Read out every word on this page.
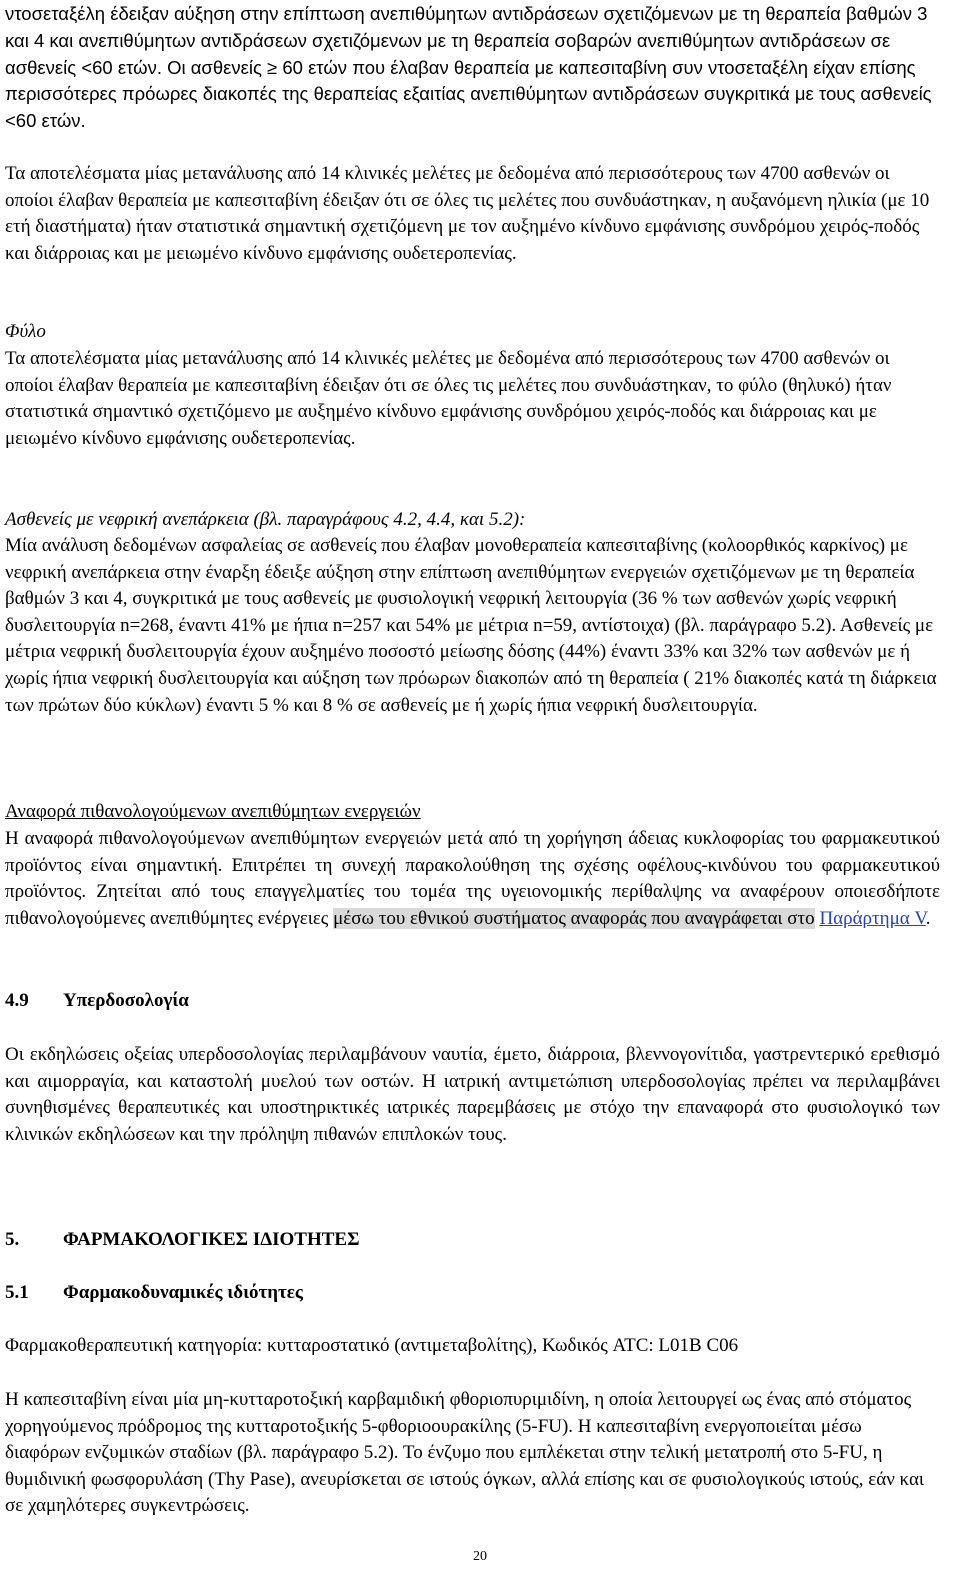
ντοσεταξέλη έδειξαν αύξηση στην επίπτωση ανεπιθύμητων αντιδράσεων σχετιζόμενων με τη θεραπεία βαθμών 3 και 4 και ανεπιθύμητων αντιδράσεων σχετιζόμενων με τη θεραπεία σοβαρών ανεπιθύμητων αντιδράσεων σε ασθενείς <60 ετών. Οι ασθενείς ≥ 60 ετών που έλαβαν θεραπεία με καπεσιταβίνη συν ντοσεταξέλη είχαν επίσης περισσότερες πρόωρες διακοπές της θεραπείας εξαιτίας ανεπιθύμητων αντιδράσεων συγκριτικά με τους ασθενείς <60 ετών.

Τα αποτελέσματα μίας μετανάλυσης από 14 κλινικές μελέτες με δεδομένα από περισσότερους των 4700 ασθενών οι οποίοι έλαβαν θεραπεία με καπεσιταβίνη έδειξαν ότι σε όλες τις μελέτες που συνδυάστηκαν, η αυξανόμενη ηλικία (με 10 ετή διαστήματα) ήταν στατιστικά σημαντική σχετιζόμενη με τον αυξημένο κίνδυνο εμφάνισης συνδρόμου χειρός-ποδός και διάρροιας και με μειωμένο κίνδυνο εμφάνισης ουδετεροπενίας.

Φύλο

Τα αποτελέσματα μίας μετανάλυσης από 14 κλινικές μελέτες με δεδομένα από περισσότερους των 4700 ασθενών οι οποίοι έλαβαν θεραπεία με καπεσιταβίνη έδειξαν ότι σε όλες τις μελέτες που συνδυάστηκαν, το φύλο (θηλυκό) ήταν στατιστικά σημαντικό σχετιζόμενο με αυξημένο κίνδυνο εμφάνισης συνδρόμου χειρός-ποδός και διάρροιας και με μειωμένο κίνδυνο εμφάνισης ουδετεροπενίας.

Ασθενείς με νεφρική ανεπάρκεια (βλ. παραγράφους 4.2, 4.4, και 5.2):

Μία ανάλυση δεδομένων ασφαλείας σε ασθενείς που έλαβαν μονοθεραπεία καπεσιταβίνης (κολοορθικός καρκίνος) με νεφρική ανεπάρκεια στην έναρξη έδειξε αύξηση στην επίπτωση ανεπιθύμητων ενεργειών σχετιζόμενων με τη θεραπεία βαθμών 3 και 4, συγκριτικά με τους ασθενείς με φυσιολογική νεφρική λειτουργία (36 % των ασθενών χωρίς νεφρική δυσλειτουργία n=268, έναντι 41% με ήπια n=257 και 54% με μέτρια n=59, αντίστοιχα) (βλ. παράγραφο 5.2). Ασθενείς με μέτρια νεφρική δυσλειτουργία έχουν αυξημένο ποσοστό μείωσης δόσης (44%) έναντι 33% και 32% των ασθενών με ή χωρίς ήπια νεφρική δυσλειτουργία και αύξηση των πρόωρων διακοπών από τη θεραπεία ( 21% διακοπές κατά τη διάρκεια των πρώτων δύο κύκλων) έναντι 5 % και 8 % σε ασθενείς με ή χωρίς ήπια νεφρική δυσλειτουργία.

Αναφορά πιθανολογούμενων ανεπιθύμητων ενεργειών

Η αναφορά πιθανολογούμενων ανεπιθύμητων ενεργειών μετά από τη χορήγηση άδειας κυκλοφορίας του φαρμακευτικού προϊόντος είναι σημαντική. Επιτρέπει τη συνεχή παρακολούθηση της σχέσης οφέλους-κινδύνου του φαρμακευτικού προϊόντος. Ζητείται από τους επαγγελματίες του τομέα της υγειονομικής περίθαλψης να αναφέρουν οποιεσδήποτε πιθανολογούμενες ανεπιθύμητες ενέργειες μέσω του εθνικού συστήματος αναφοράς που αναγράφεται στο Παράρτημα V.

4.9 Υπερδοσολογία

Οι εκδηλώσεις οξείας υπερδοσολογίας περιλαμβάνουν ναυτία, έμετο, διάρροια, βλεννογονίτιδα, γαστρεντερικό ερεθισμό και αιμορραγία, και καταστολή μυελού των οστών. Η ιατρική αντιμετώπιση υπερδοσολογίας πρέπει να περιλαμβάνει συνηθισμένες θεραπευτικές και υποστηρικτικές ιατρικές παρεμβάσεις με στόχο την επαναφορά στο φυσιολογικό των κλινικών εκδηλώσεων και την πρόληψη πιθανών επιπλοκών τους.

5. ΦΑΡΜΑΚΟΛΟΓΙΚΕΣ ΙΔΙΟΤΗΤΕΣ
5.1 Φαρμακοδυναμικές ιδιότητες

Φαρμακοθεραπευτική κατηγορία: κυτταροστατικό (αντιμεταβολίτης), Κωδικός ATC: L01B C06

Η καπεσιταβίνη είναι μία μη-κυτταροτοξική καρβαμιδική φθοριοπυριμιδίνη, η οποία λειτουργεί ως ένας από στόματος χορηγούμενος πρόδρομος της κυτταροτοξικής 5-φθοριοουρακίλης (5-FU). Η καπεσιταβίνη ενεργοποιείται μέσω διαφόρων ενζυμικών σταδίων (βλ. παράγραφο 5.2). Το ένζυμο που εμπλέκεται στην τελική μετατροπή στο 5-FU, η θυμιδινική φωσφορυλάση (Thy Pase), ανευρίσκεται σε ιστούς όγκων, αλλά επίσης και σε φυσιολογικούς ιστούς, εάν και σε χαμηλότερες συγκεντρώσεις.

20
